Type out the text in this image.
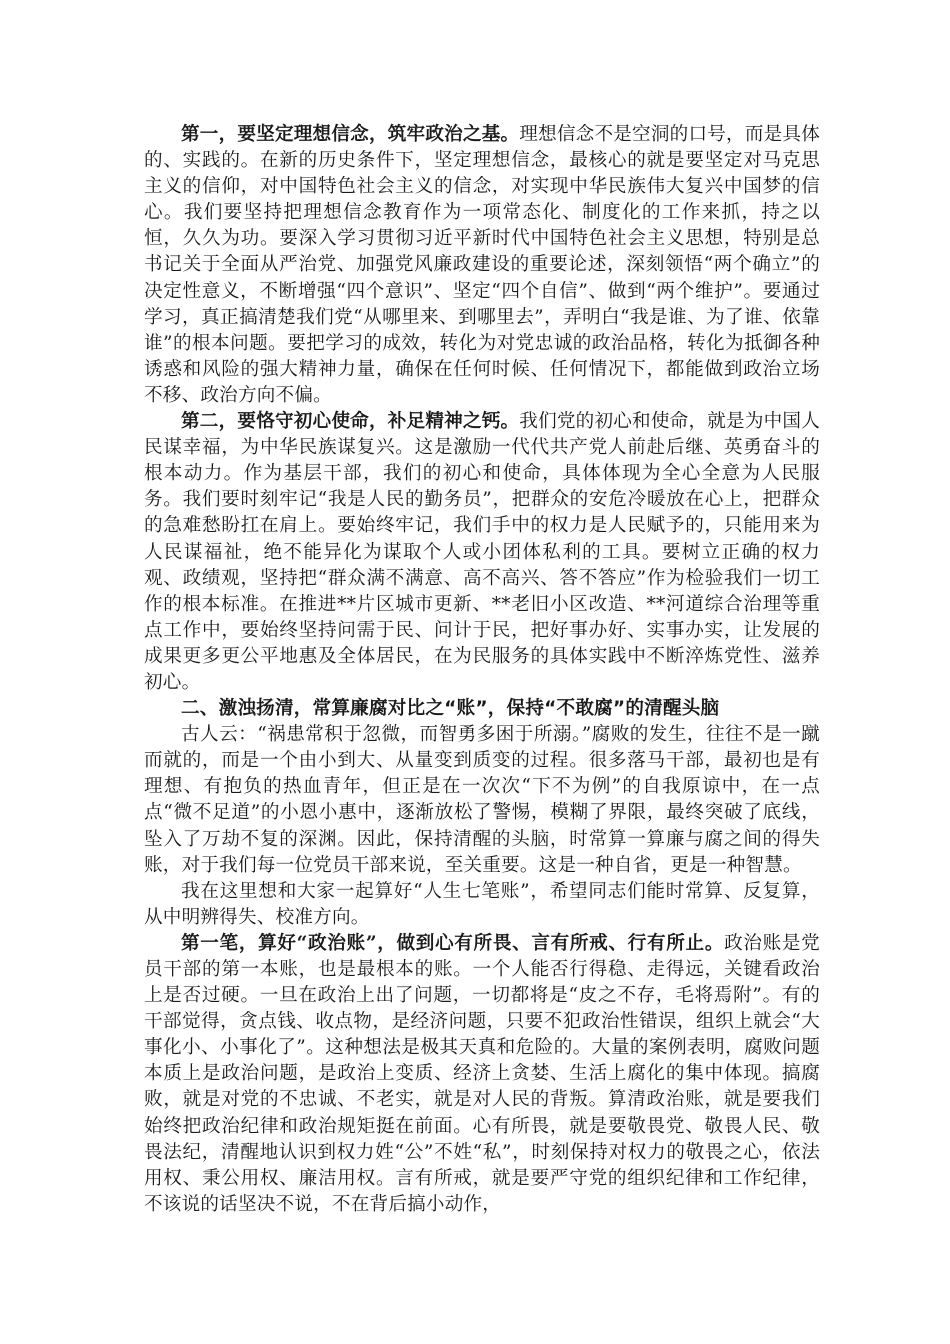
第一，要坚定理想信念，筑牢政治之基。理想信念不是空洞的口号，而是具体的、实践的。在新的历史条件下，坚定理想信念，最核心的就是要坚定对马克思主义的信仰，对中国特色社会主义的信念，对实现中华民族伟大复兴中国梦的信心。我们要坚持把理想信念教育作为一项常态化、制度化的工作来抓，持之以恒，久久为功。要深入学习贯彻习近平新时代中国特色社会主义思想，特别是总书记关于全面从严治党、加强党风廉政建设的重要论述，深刻领悟“两个确立”的决定性意义，不断增强“四个意识”、坚定“四个自信”、做到“两个维护”。要通过学习，真正搞清楚我们党“从哪里来、到哪里去”，弄明白“我是谁、为了谁、依靠谁”的根本问题。要把学习的成效，转化为对党忠诚的政治品格，转化为抵御各种诱惑和风险的强大精神力量，确保在任何时候、任何情况下，都能做到政治立场不移、政治方向不偏。

第二，要恪守初心使命，补足精神之钙。我们党的初心和使命，就是为中国人民谋幸福，为中华民族谋复兴。这是激励一代代共产党人前赴后继、英勇奋斗的根本动力。作为基层干部，我们的初心和使命，具体体现为全心全意为人民服务。我们要时刻牢记“我是人民的勤务员”，把群众的安危冷暖放在心上，把群众的急难愁盼扛在肩上。要始终牢记，我们手中的权力是人民赋予的，只能用来为人民谋福祉，绝不能异化为谋取个人或小团体私利的工具。要树立正确的权力观、政绩观，坚持把“群众满不满意、高不高兴、答不答应”作为检验我们一切工作的根本标准。在推进**片区城市更新、**老旧小区改造、**河道综合治理等重点工作中，要始终坚持问需于民、问计于民，把好事办好、实事办实，让发展的成果更多更公平地惠及全体居民，在为民服务的具体实践中不断淬炼党性、滋养初心。

二、激浊扬清，常算廉腐对比之“账”，保持“不敢腐”的清醒头脑

古人云：“祸患常积于忽微，而智勇多困于所溺。”腐败的发生，往往不是一蹴而就的，而是一个由小到大、从量变到质变的过程。很多落马干部，最初也是有理想、有抱负的热血青年，但正是在一次次“下不为例”的自我原谅中，在一点点“微不足道”的小恩小惠中，逐渐放松了警惕，模糊了界限，最终突破了底线，坠入了万劫不复的深渊。因此，保持清醒的头脑，时常算一算廉与腐之间的得失账，对于我们每一位党员干部来说，至关重要。这是一种自省，更是一种智慧。

我在这里想和大家一起算好“人生七笔账”，希望同志们能时常算、反复算，从中明辨得失、校准方向。

第一笔，算好“政治账”，做到心有所畏、言有所戒、行有所止。政治账是党员干部的第一本账，也是最根本的账。一个人能否行得稳、走得远，关键看政治上是否过硬。一旦在政治上出了问题，一切都将是“皮之不存，毛将焉附”。有的干部觉得，贪点钱、收点物，是经济问题，只要不犯政治性错误，组织上就会“大事化小、小事化了”。这种想法是极其天真和危险的。大量的案例表明，腐败问题本质上是政治问题，是政治上变质、经济上贪婪、生活上腐化的集中体现。搞腐败，就是对党的不忠诚、不老实，就是对人民的背叛。算清政治账，就是要我们始终把政治纪律和政治规矩挺在前面。心有所畏，就是要敬畏党、敬畏人民、敬畏法纪，清醒地认识到权力姓“公”不姓“私”，时刻保持对权力的敬畏之心，依法用权、秉公用权、廉洁用权。言有所戒，就是要严守党的组织纪律和工作纪律，不该说的话坚决不说，不在背后搞小动作，
